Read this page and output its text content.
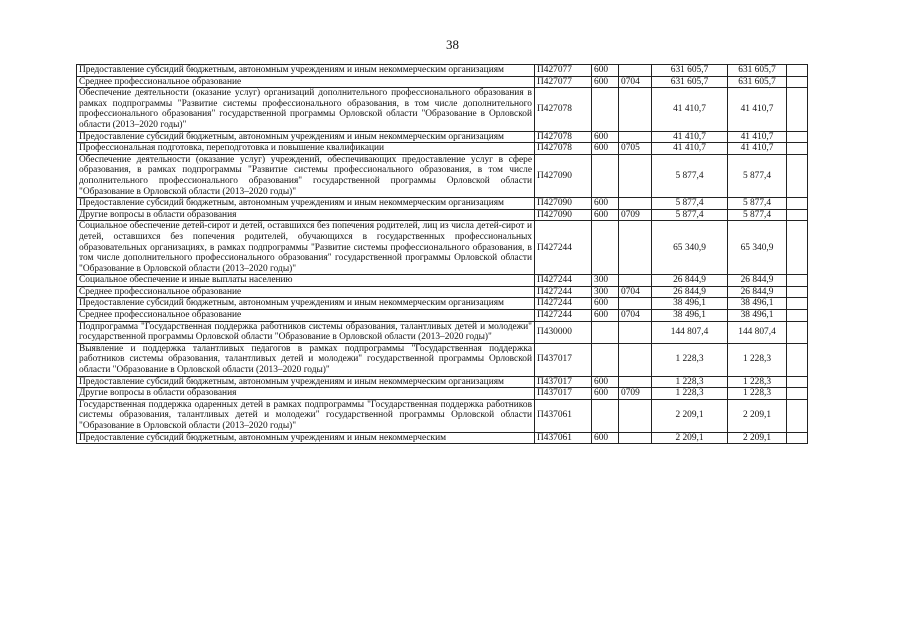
38
Предоставление субсидий бюджетным, автономным учреждениям и иным некоммерческим организациям	П427077	600		631 605,7	631 605,7	
Среднее профессиональное образование	П427077	600	0704	631 605,7	631 605,7	
Обеспечение деятельности (оказание услуг) организаций дополнительного профессионального образования в рамках подпрограммы "Развитие системы профессионального образования, в том числе дополнительного профессионального образования" государственной программы Орловской области "Образование в Орловской области (2013–2020 годы)"	П427078			41 410,7	41 410,7	
Предоставление субсидий бюджетным, автономным учреждениям и иным некоммерческим организациям	П427078	600		41 410,7	41 410,7	
Профессиональная подготовка, переподготовка и повышение квалификации	П427078	600	0705	41 410,7	41 410,7	
Обеспечение деятельности (оказание услуг) учреждений, обеспечивающих предоставление услуг в сфере образования, в рамках подпрограммы "Развитие системы профессионального образования, в том числе дополнительного профессионального образования" государственной программы Орловской области "Образование в Орловской области (2013–2020 годы)"	П427090			5 877,4	5 877,4	
Предоставление субсидий бюджетным, автономным учреждениям и иным некоммерческим организациям	П427090	600		5 877,4	5 877,4	
Другие вопросы в области образования	П427090	600	0709	5 877,4	5 877,4	
Социальное обеспечение детей-сирот и детей, оставшихся без попечения родителей, лиц из числа детей-сирот и детей, оставшихся без попечения родителей, обучающихся в государственных профессиональных образовательных организациях, в рамках подпрограммы "Развитие системы профессионального образования, в том числе дополнительного профессионального образования" государственной программы Орловской области "Образование в Орловской области (2013–2020 годы)"	П427244			65 340,9	65 340,9	
Социальное обеспечение и иные выплаты населению	П427244	300		26 844,9	26 844,9	
Среднее профессиональное образование	П427244	300	0704	26 844,9	26 844,9	
Предоставление субсидий бюджетным, автономным учреждениям и иным некоммерческим организациям	П427244	600		38 496,1	38 496,1	
Среднее профессиональное образование	П427244	600	0704	38 496,1	38 496,1	
Подпрограмма "Государственная поддержка работников системы образования, талантливых детей и молодежи" государственной программы Орловской области "Образование в Орловской области (2013–2020 годы)"	П430000			144 807,4	144 807,4	
Выявление и поддержка талантливых педагогов в рамках подпрограммы "Государственная поддержка работников системы образования, талантливых детей и молодежи" государственной программы Орловской области "Образование в Орловской области (2013–2020 годы)"	П437017			1 228,3	1 228,3	
Предоставление субсидий бюджетным, автономным учреждениям и иным некоммерческим организациям	П437017	600		1 228,3	1 228,3	
Другие вопросы в области образования	П437017	600	0709	1 228,3	1 228,3	
Государственная поддержка одаренных детей в рамках подпрограммы "Государственная поддержка работников системы образования, талантливых детей и молодежи" государственной программы Орловской области "Образование в Орловской области (2013–2020 годы)"	П437061			2 209,1	2 209,1	
Предоставление субсидий бюджетным, автономным учреждениям и иным некоммерческим	П437061	600		2 209,1	2 209,1	
